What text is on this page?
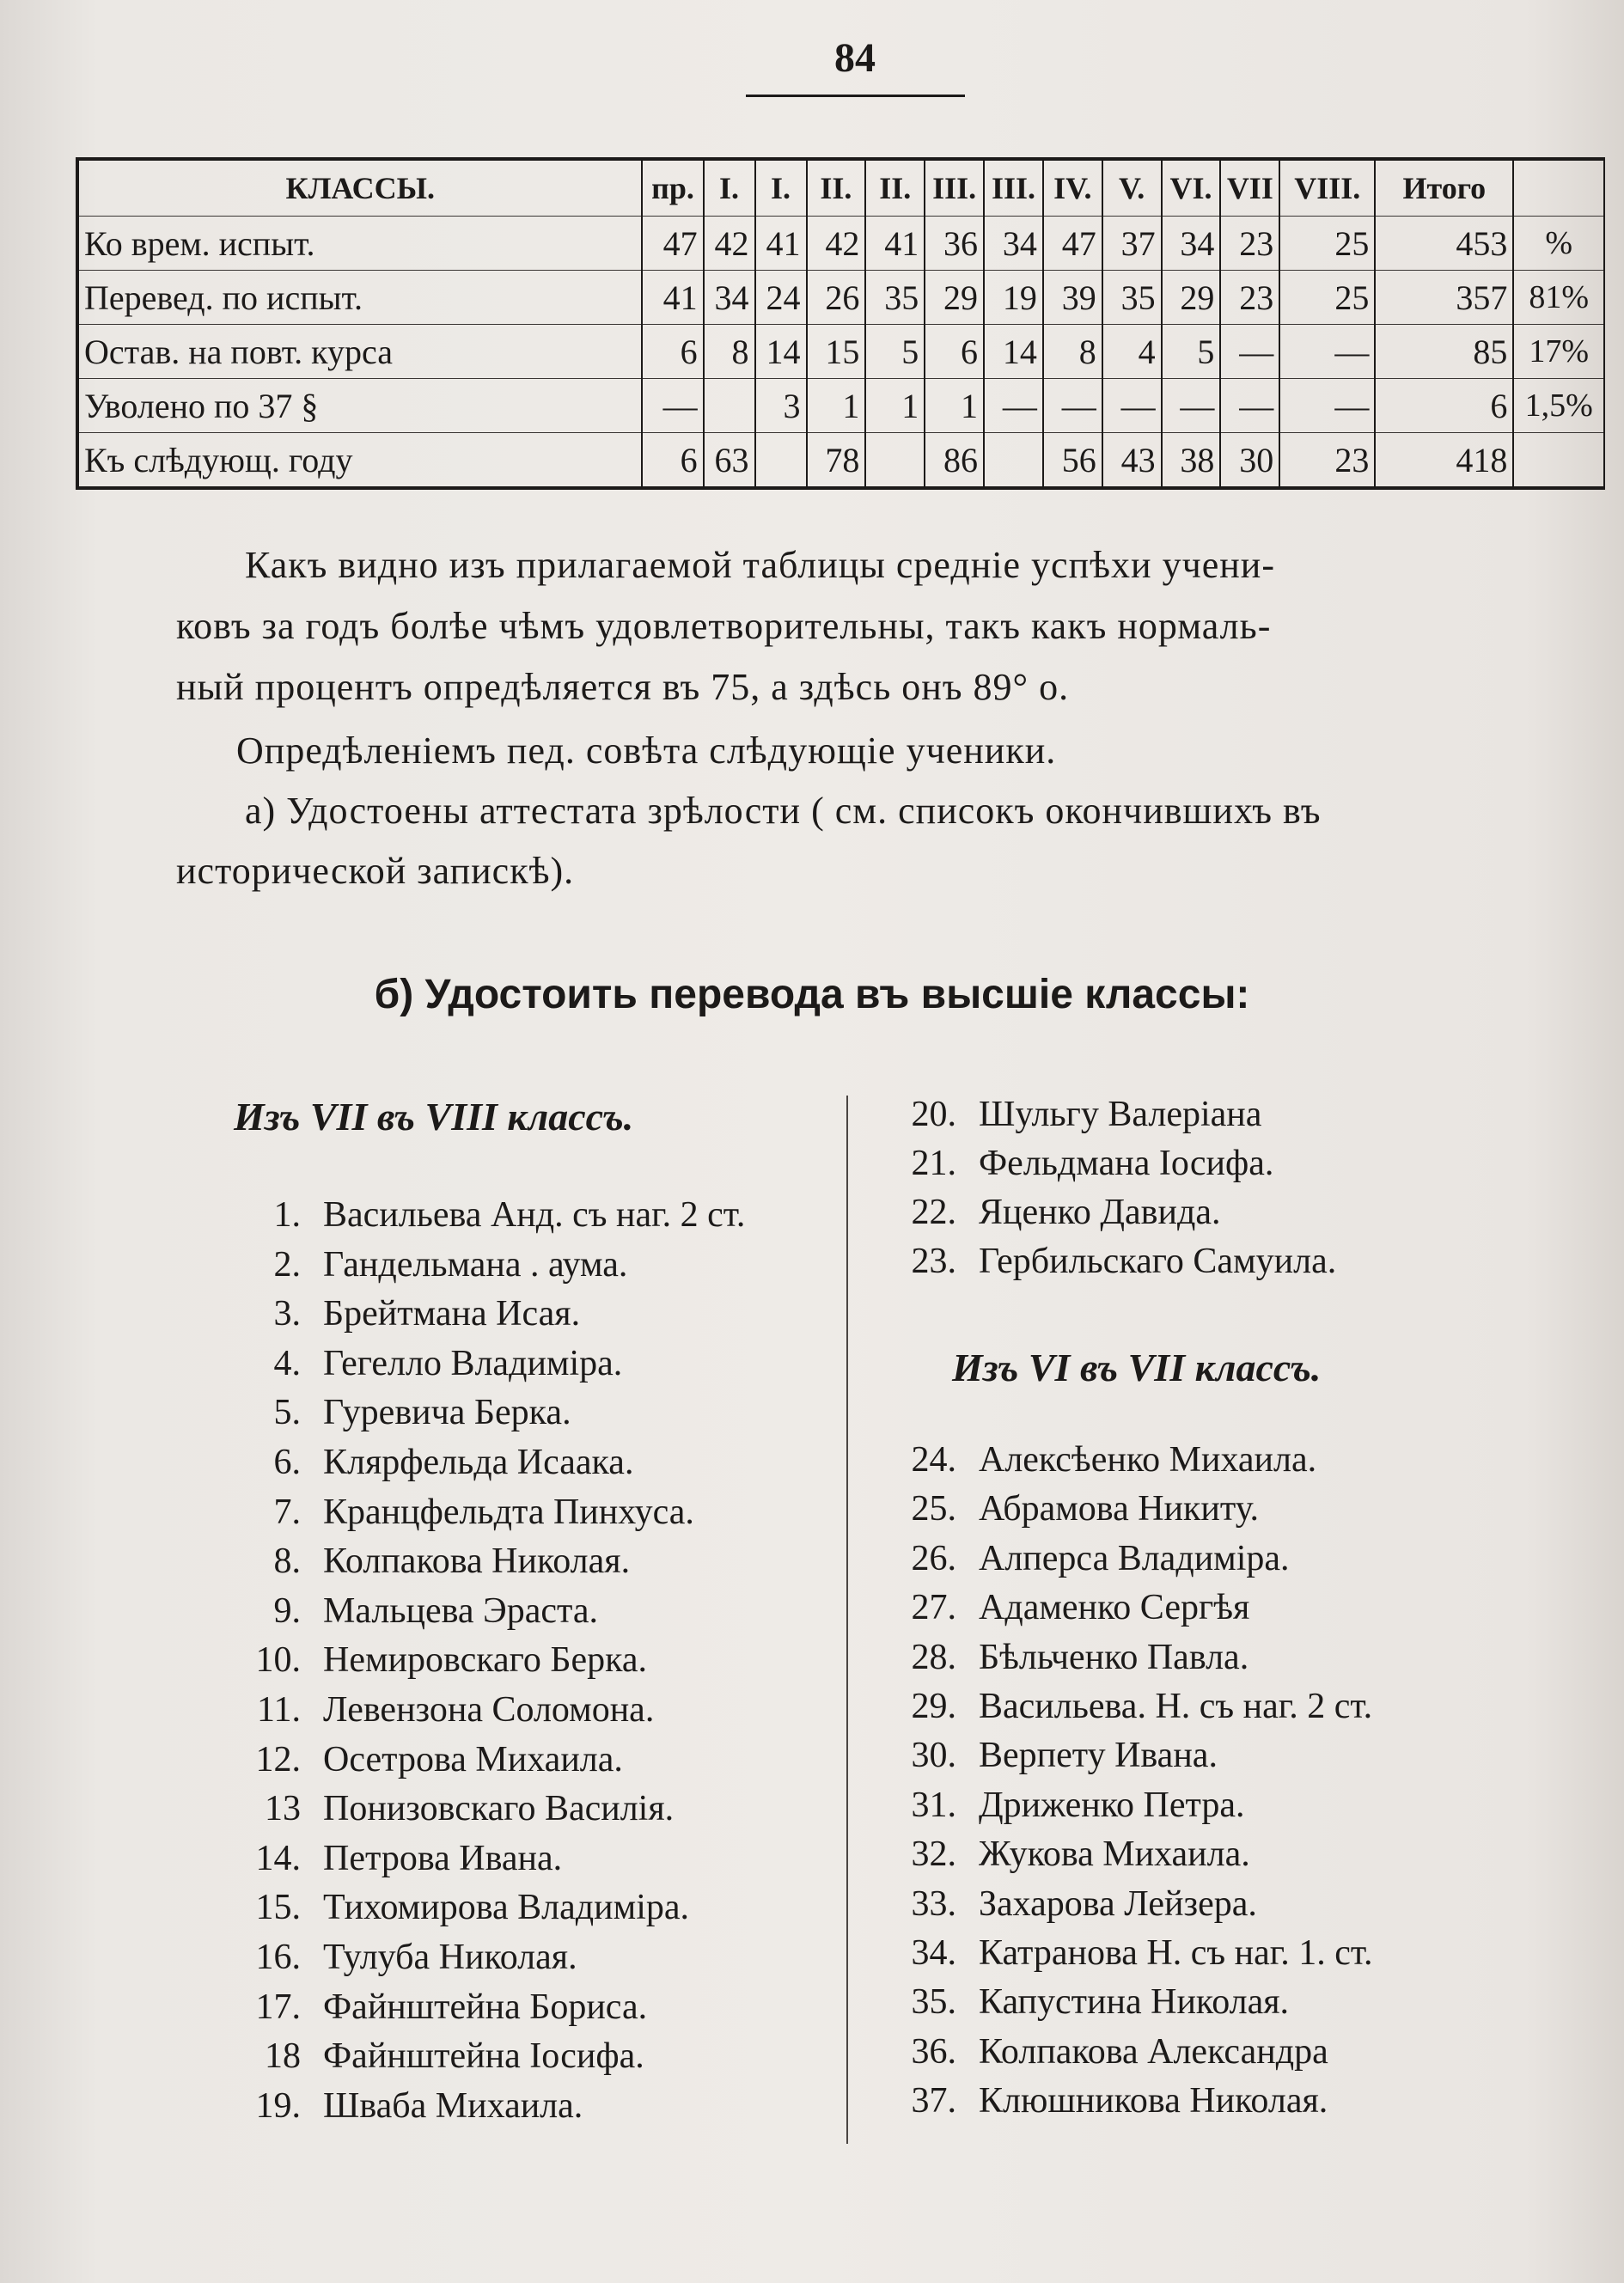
84
КЛАССЫ.	пр.	I.	I.	II.	II.	III.	III.	IV.	V.	VI.	VII	VIII.	Итого	
Ко врем. испыт.	47	42	41	42	41	36	34	47	37	34	23	25	453	%
Перевед. по испыт.	41	34	24	26	35	29	19	39	35	29	23	25	357	81%
Остав. на повт. курса	6	8	14	15	5	6	14	8	4	5	—	—	85	17%
Уволено по 37 §	—		3	1	1	1	—	—	—	—	—	—	6	1,5%
Къ слѣдующ. году	6	63		78		86		56	43	38	30	23	418	
Какъ видно изъ прилагаемой таблицы среднiе успѣхи учени-
ковъ за годъ болѣе чѣмъ удовлетворительны, такъ какъ нормаль-
ный процентъ опредѣляется въ 75, а здѣсь онъ 89° о.
Опредѣленiемъ пед. совѣта слѣдующiе ученики.
а) Удостоены аттестата зрѣлости ( см. списокъ окончившихъ въ
исторической запискѣ).
б) Удостоить перевода въ высшiе классы:
Изъ VII въ VIII классъ.
1. Васильева Анд. съ наг. 2 ст.
2. Гандельмана . аума.
3. Брейтмана Исая.
4. Гегелло Владимiра.
5. Гуревича Берка.
6. Клярфельда Исаака.
7. Кранцфельдта Пинхуса.
8. Колпакова Николая.
9. Мальцева Эраста.
10. Немировскаго Берка.
11. Левензона Соломона.
12. Осетрова Михаила.
13 Понизовскаго Василiя.
14. Петрова Ивана.
15. Тихомирова Владимiра.
16. Тулуба Николая.
17. Файнштейна Бориса.
18 Файнштейна Iосифа.
19. Шваба Михаила.
20. Шульгу Валерiана
21. Фельдмана Iосифа.
22. Яценко Давида.
23. Гербильскаго Самуила.
Изъ VI въ VII классъ.
24. Алексѣенко Михаила.
25. Абрамова Никиту.
26. Алперса Владимiра.
27. Адаменко Сергѣя
28. Бѣльченко Павла.
29. Васильева. Н. съ наг. 2 ст.
30. Верпету Ивана.
31. Дриженко Петра.
32. Жукова Михаила.
33. Захарова Лейзера.
34. Катранова Н. съ наг. 1. ст.
35. Капустина Николая.
36. Колпакова Александра
37. Клюшникова Николая.
